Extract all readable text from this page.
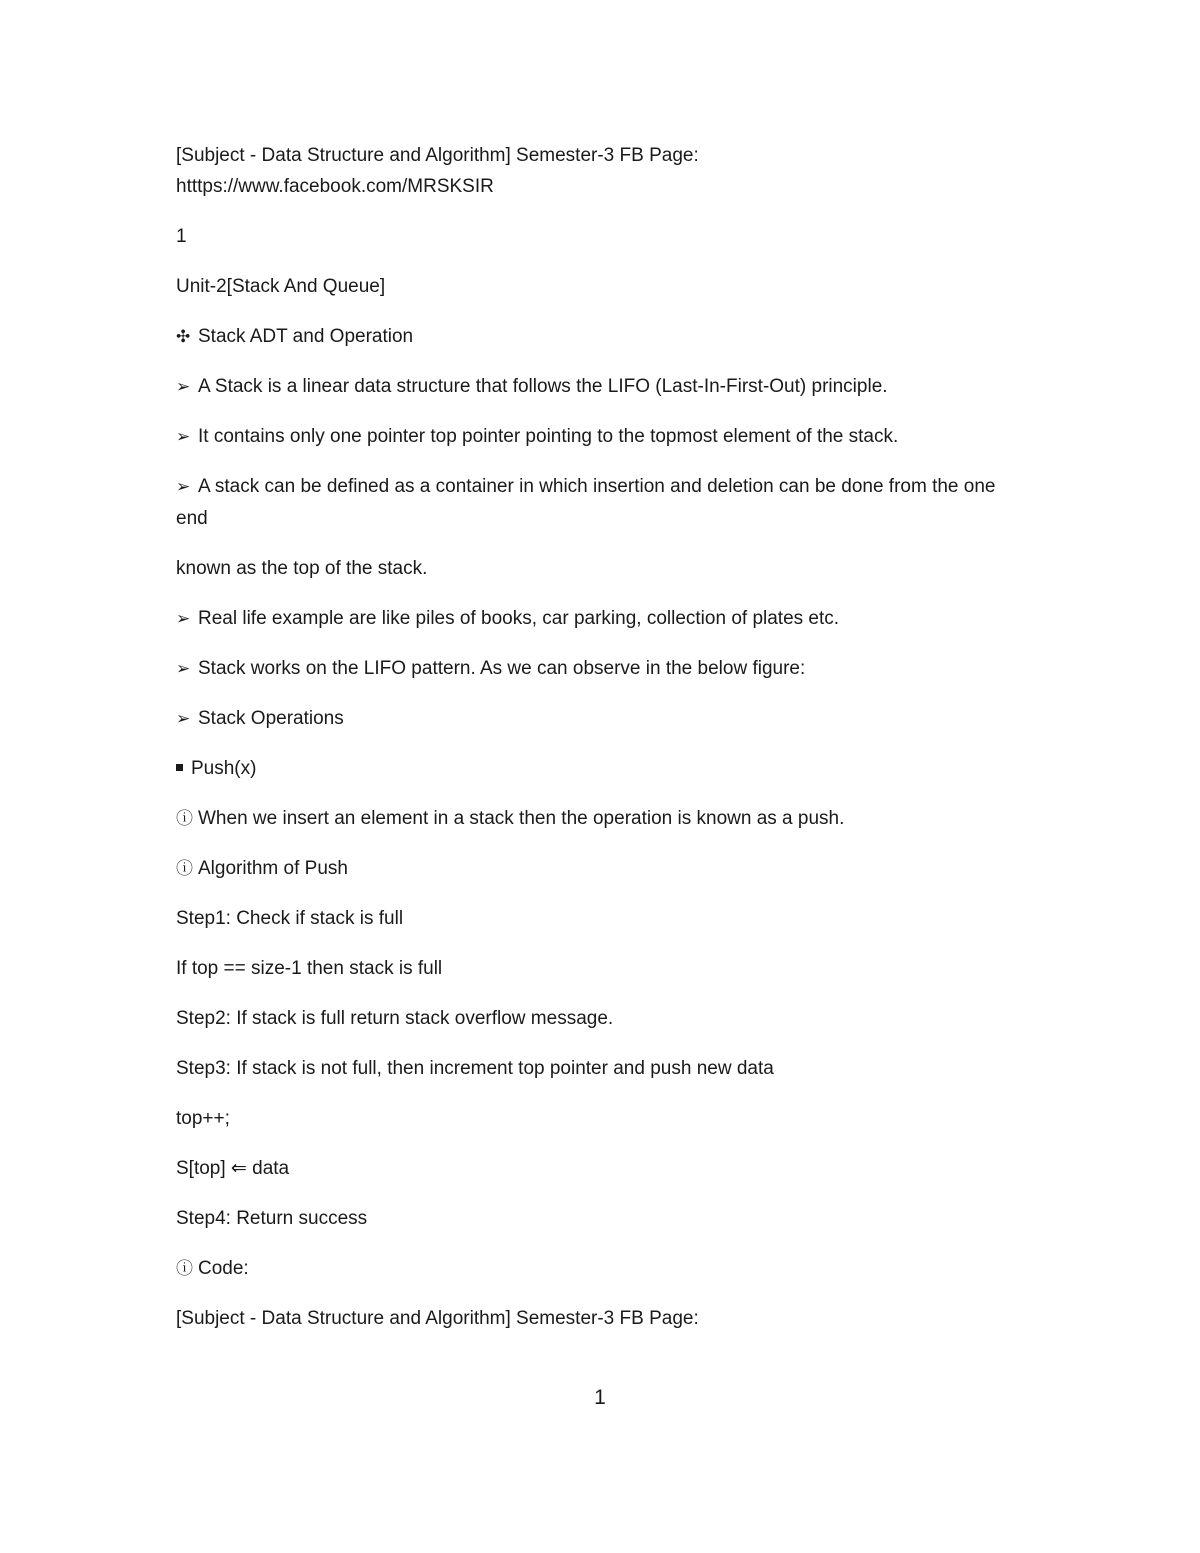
[Subject - Data Structure and Algorithm] Semester-3 FB Page:
htttps://www.facebook.com/MRSKSIR
1
Unit-2[Stack And Queue]
✣ Stack ADT and Operation
➢ A Stack is a linear data structure that follows the LIFO (Last-In-First-Out) principle.
➢ It contains only one pointer top pointer pointing to the topmost element of the stack.
➢ A stack can be defined as a container in which insertion and deletion can be done from the one end
known as the top of the stack.
➢ Real life example are like piles of books, car parking, collection of plates etc.
➢ Stack works on the LIFO pattern. As we can observe in the below figure:
➢ Stack Operations
Push(x)
ⓘ When we insert an element in a stack then the operation is known as a push.
ⓘ Algorithm of Push
Step1: Check if stack is full
If top == size-1 then stack is full
Step2: If stack is full return stack overflow message.
Step3: If stack is not full, then increment top pointer and push new data
top++;
S[top] ⇐ data
Step4: Return success
ⓘ Code:
[Subject - Data Structure and Algorithm] Semester-3 FB Page:
1
